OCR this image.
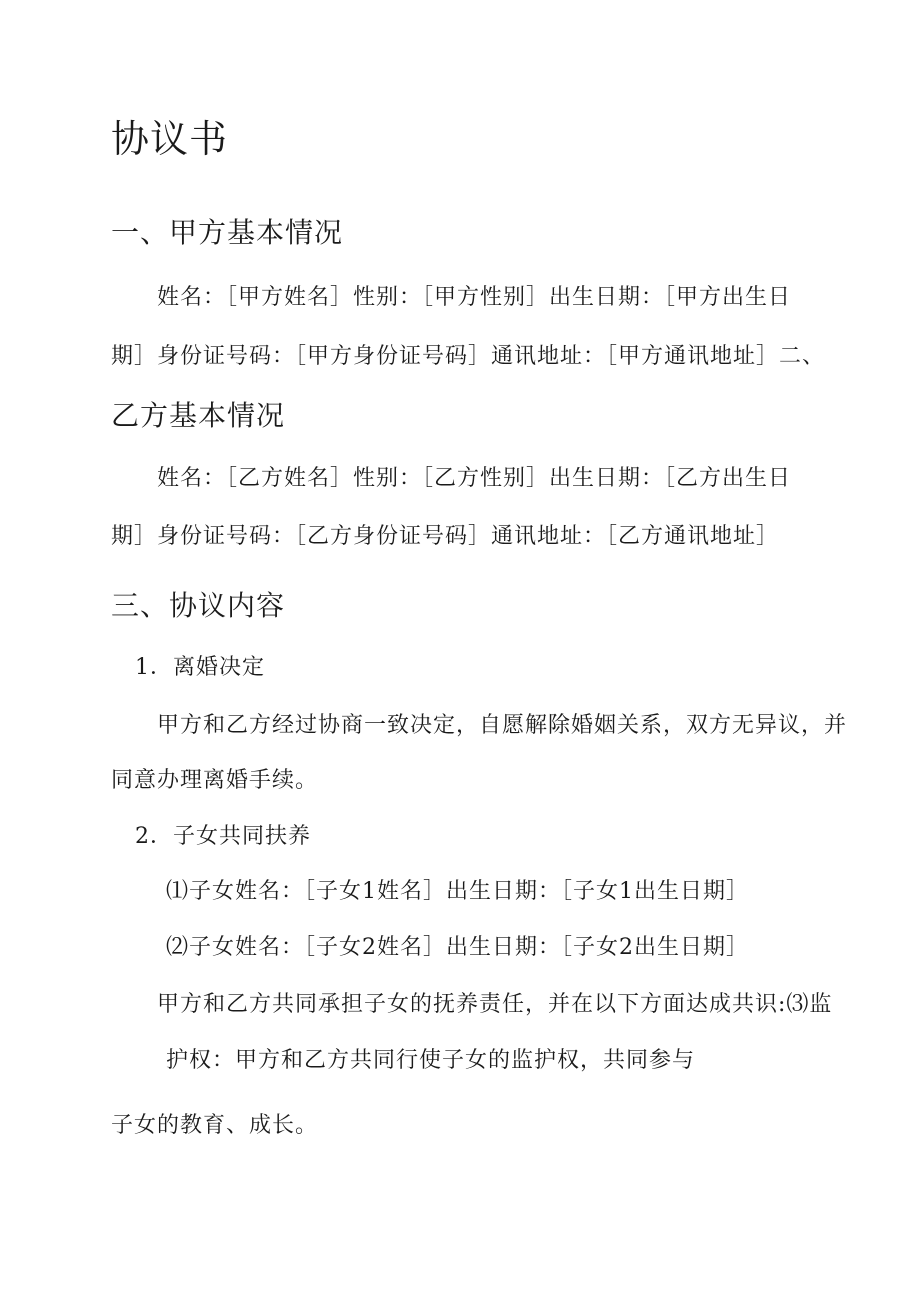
协议书
一、甲方基本情况

姓名：［甲方姓名］性别：［甲方性别］出生日期：［甲方出生日

期］身份证号码：［甲方身份证号码］通讯地址：［甲方通讯地址］二、

乙方基本情况

姓名：［乙方姓名］性别：［乙方性别］出生日期：［乙方出生日

期］身份证号码：［乙方身份证号码］通讯地址：［乙方通讯地址］

三、协议内容

1．离婚决定

甲方和乙方经过协商一致决定，自愿解除婚姻关系，双方无异议，并

同意办理离婚手续。

2．子女共同扶养

⑴子女姓名：［子女1姓名］出生日期：［子女1出生日期］

⑵子女姓名：［子女2姓名］出生日期：［子女2出生日期］

甲方和乙方共同承担子女的抚养责任，并在以下方面达成共识:⑶监

护权：甲方和乙方共同行使子女的监护权，共同参与

子女的教育、成长。
